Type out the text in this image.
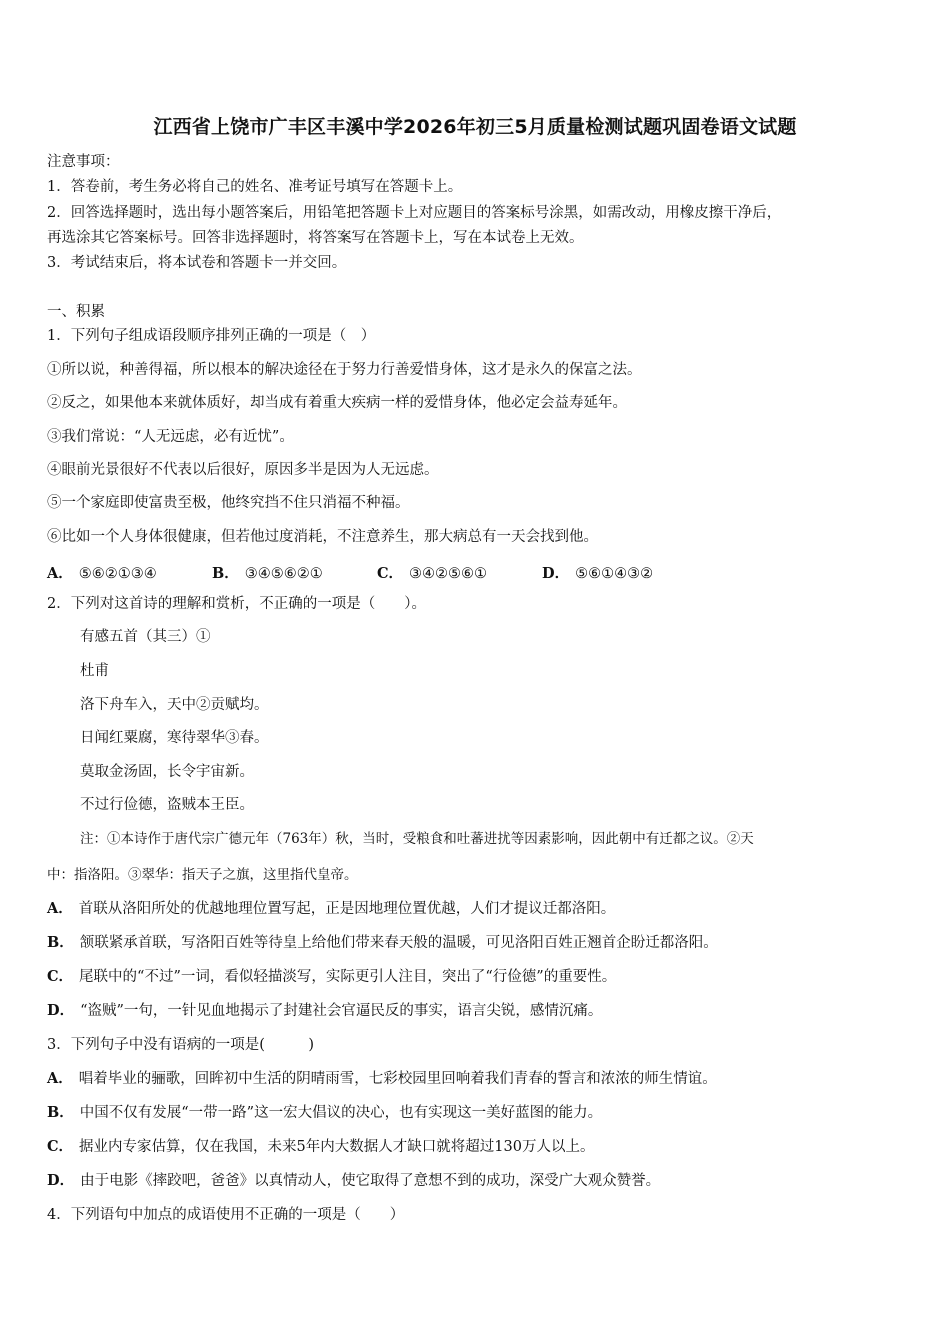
江西省上饶市广丰区丰溪中学2026年初三5月质量检测试题巩固卷语文试题
注意事项：
1．答卷前，考生务必将自己的姓名、准考证号填写在答题卡上。
2．回答选择题时，选出每小题答案后，用铅笔把答题卡上对应题目的答案标号涂黑，如需改动，用橡皮擦干净后，
再选涂其它答案标号。回答非选择题时，将答案写在答题卡上，写在本试卷上无效。
3．考试结束后，将本试卷和答题卡一并交回。
一、积累
1．下列句子组成语段顺序排列正确的一项是（　）
①所以说，种善得福，所以根本的解决途径在于努力行善爱惜身体，这才是永久的保富之法。
②反之，如果他本来就体质好，却当成有着重大疾病一样的爱惜身体，他必定会益寿延年。
③我们常说：“人无远虑，必有近忧”。
④眼前光景很好不代表以后很好，原因多半是因为人无远虑。
⑤一个家庭即使富贵至极，他终究挡不住只消福不种福。
⑥比如一个人身体很健康，但若他过度消耗，不注意养生，那大病总有一天会找到他。
A． ⑤⑥②①③④	B． ③④⑤⑥②①	C． ③④②⑤⑥①	D． ⑤⑥①④③②
2．下列对这首诗的理解和赏析，不正确的一项是（　　）。
有感五首（其三）①
杜甫
洛下舟车入，天中②贡赋均。
日闻红粟腐，寒待翠华③春。
莫取金汤固，长令宇宙新。
不过行俭德，盗贼本王臣。
注：①本诗作于唐代宗广德元年（763年）秋，当时，受粮食和吐蕃进扰等因素影响，因此朝中有迁都之议。②天
中：指洛阳。③翠华：指天子之旗，这里指代皇帝。
A． 首联从洛阳所处的优越地理位置写起，正是因地理位置优越，人们才提议迁都洛阳。
B． 颔联紧承首联，写洛阳百姓等待皇上给他们带来春天般的温暖，可见洛阳百姓正翘首企盼迁都洛阳。
C． 尾联中的“不过”一词，看似轻描淡写，实际更引人注目，突出了“行俭德”的重要性。
D． “盗贼”一句，一针见血地揭示了封建社会官逼民反的事实，语言尖锐，感情沉痛。
3．下列句子中没有语病的一项是(　　　)
A． 唱着毕业的骊歌，回眸初中生活的阴晴雨雪，七彩校园里回响着我们青春的誓言和浓浓的师生情谊。
B． 中国不仅有发展“一带一路”这一宏大倡议的决心，也有实现这一美好蓝图的能力。
C． 据业内专家估算，仅在我国，未来5年内大数据人才缺口就将超过130万人以上。
D． 由于电影《摔跤吧，爸爸》以真情动人，使它取得了意想不到的成功，深受广大观众赞誉。
4．下列语句中加点的成语使用不正确的一项是（　　）
